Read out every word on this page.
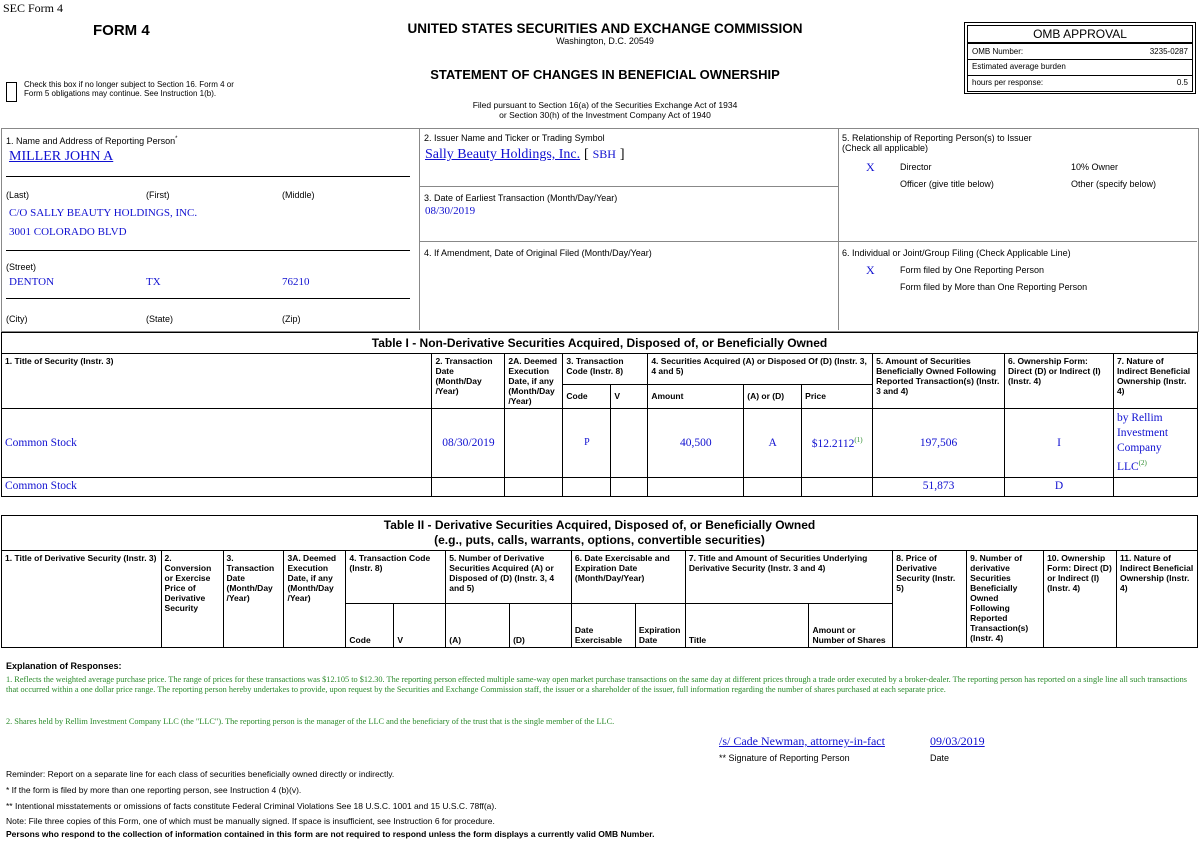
SEC Form 4
FORM 4
Check this box if no longer subject to Section 16. Form 4 or Form 5 obligations may continue. See Instruction 1(b).
UNITED STATES SECURITIES AND EXCHANGE COMMISSION
Washington, D.C. 20549
STATEMENT OF CHANGES IN BENEFICIAL OWNERSHIP
Filed pursuant to Section 16(a) of the Securities Exchange Act of 1934
or Section 30(h) of the Investment Company Act of 1940
OMB APPROVAL
OMB Number:	3235-0287
Estimated average burden
hours per response:	0.5
1. Name and Address of Reporting Person*
MILLER JOHN A
(Last)	(First)	(Middle)
C/O SALLY BEAUTY HOLDINGS, INC.
3001 COLORADO BLVD
(Street)
DENTON	TX	76210
(City)	(State)	(Zip)
2. Issuer Name and Ticker or Trading Symbol
Sally Beauty Holdings, Inc. [ SBH ]
3. Date of Earliest Transaction (Month/Day/Year)
08/30/2019
4. If Amendment, Date of Original Filed (Month/Day/Year)
5. Relationship of Reporting Person(s) to Issuer
(Check all applicable)
X	Director	10% Owner
Officer (give title below)	Other (specify below)
6. Individual or Joint/Group Filing (Check Applicable Line)
X	Form filed by One Reporting Person
Form filed by More than One Reporting Person
Table I - Non-Derivative Securities Acquired, Disposed of, or Beneficially Owned										
1. Title of Security (Instr. 3)	2. Transaction Date (Month/Day /Year)	2A. Deemed Execution Date, if any (Month/Day /Year)	3. Transaction Code (Instr. 8)		4. Securities Acquired (A) or Disposed Of (D) (Instr. 3, 4 and 5)			5. Amount of Securities Beneficially Owned Following Reported Transaction(s) (Instr. 3 and 4)	6. Ownership Form: Direct (D) or Indirect (I) (Instr. 4)	7. Nature of Indirect Beneficial Ownership (Instr. 4)
			Code	V	Amount	(A) or (D)	Price			
Common Stock	08/30/2019		P		40,500	A	$12.2112$^{(1)}$	197,506	I	by Rellim Investment Company LLC$^{(2)}$
Common Stock								51,873	D	
Table II - Derivative Securities Acquired, Disposed of, or Beneficially Owned
(e.g., puts, calls, warrants, options, convertible securities)															

1. Title of Derivative Security (Instr. 3)	2. Conversion or Exercise Price of Derivative Security	3. Transaction Date (Month/Day /Year)	3A. Deemed Execution Date, if any (Month/Day /Year)	4. Transaction Code (Instr. 8)		5. Number of Derivative Securities Acquired (A) or Disposed of (D) (Instr. 3, 4 and 5)		6. Date Exercisable and Expiration Date (Month/Day/Year)		7. Title and Amount of Securities Underlying Derivative Security (Instr. 3 and 4)		8. Price of Derivative Security (Instr. 5)	9. Number of derivative Securities Beneficially Owned Following Reported Transaction(s) (Instr. 4)	10. Ownership Form: Direct (D) or Indirect (I) (Instr. 4)	11. Nature of Indirect Beneficial Ownership (Instr. 4)
				Code	V	(A)	(D)	Date Exercisable	Expiration Date	Title	Amount or Number of Shares				
Explanation of Responses:
1. Reflects the weighted average purchase price. The range of prices for these transactions was $12.105 to $12.30. The reporting person effected multiple same-way open market purchase transactions on the same day at different prices through a trade order executed by a broker-dealer. The reporting person has reported on a single line all such transactions that occurred within a one dollar price range. The reporting person hereby undertakes to provide, upon request by the Securities and Exchange Commission staff, the issuer or a shareholder of the issuer, full information regarding the number of shares purchased at each separate price.
2. Shares held by Rellim Investment Company LLC (the "LLC"). The reporting person is the manager of the LLC and the beneficiary of the trust that is the single member of the LLC.
/s/ Cade Newman, attorney-in-fact	09/03/2019
** Signature of Reporting Person	Date
Reminder: Report on a separate line for each class of securities beneficially owned directly or indirectly.
* If the form is filed by more than one reporting person, see Instruction 4 (b)(v).
** Intentional misstatements or omissions of facts constitute Federal Criminal Violations See 18 U.S.C. 1001 and 15 U.S.C. 78ff(a).
Note: File three copies of this Form, one of which must be manually signed. If space is insufficient, see Instruction 6 for procedure.
Persons who respond to the collection of information contained in this form are not required to respond unless the form displays a currently valid OMB Number.
